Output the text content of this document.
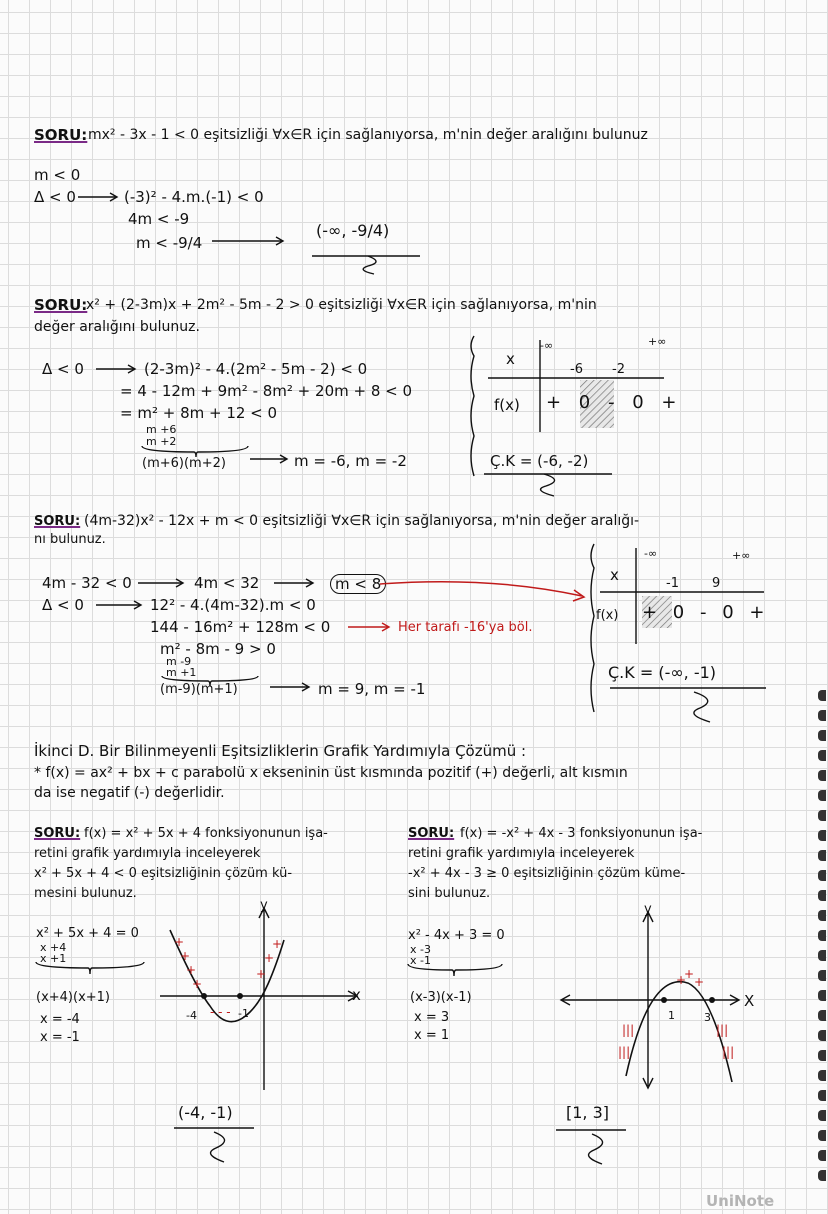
SORU: mx² - 3x - 1 < 0 eşitsizliği ∀x∈R için sağlanıyorsa, m'nin değer aralığını bulunuz
m < 0
Δ < 0	(-3)² - 4.m.(-1) < 0
4m < -9
m < -9/4
(-∞, -9/4)
SORU:
x² + (2-3m)x + 2m² - 5m - 2 > 0 eşitsizliği ∀x∈R için sağlanıyorsa, m'nin
değer aralığını bulunuz.
Δ < 0	(2-3m)² - 4.(2m² - 5m - 2) < 0
= 4 - 12m + 9m² - 8m² + 20m + 8 < 0
= m² + 8m + 12 < 0
m +6
m +2
(m+6)(m+2)	m = -6, m = -2
x
-∞	+∞
-6 -2
f(x) + 0 - 0 +
Ç.K = (-6, -2)
SORU: (4m-32)x² - 12x + m < 0 eşitsizliği ∀x∈R için sağlanıyorsa, m'nin değer aralığı-
nı bulunuz.
4m - 32 < 0	4m < 32	m < 8
Δ < 0	12² - 4.(4m-32).m < 0
144 - 16m² + 128m < 0	Her tarafı -16'ya böl.
m² - 8m - 9 > 0
m -9
m +1
(m-9)(m+1)	m = 9, m = -1
x
-∞	+∞
-1	9
f(x) + 0 - 0 +
Ç.K = (-∞, -1)
İkinci D. Bir Bilinmeyenli Eşitsizliklerin Grafik Yardımıyla Çözümü :
* f(x) = ax² + bx + c parabolü x ekseninin üst kısmında pozitif (+) değerli, alt kısmın
da ise negatif (-) değerlidir.
SORU: f(x) = x² + 5x + 4 fonksiyonunun işa-
retini grafik yardımıyla inceleyerek
x² + 5x + 4 < 0 eşitsizliğinin çözüm kü-
mesini bulunuz.
x² + 5x + 4 = 0
x +4
x +1
(x+4)(x+1)
x = -4
x = -1
+
+
+
+
+
+
+
- - -
-4	-1
x
y
(-4, -1)
SORU: f(x) = -x² + 4x - 3 fonksiyonunun işa-
retini grafik yardımıyla inceleyerek
-x² + 4x - 3 ≥ 0 eşitsizliğinin çözüm küme-
sini bulunuz.
x² - 4x + 3 = 0
x -3
x -1
(x-3)(x-1)
x = 3
x = 1
+
+
+
|||
|||
|||
|||
1	3
X
y
[1, 3]
UniNote
